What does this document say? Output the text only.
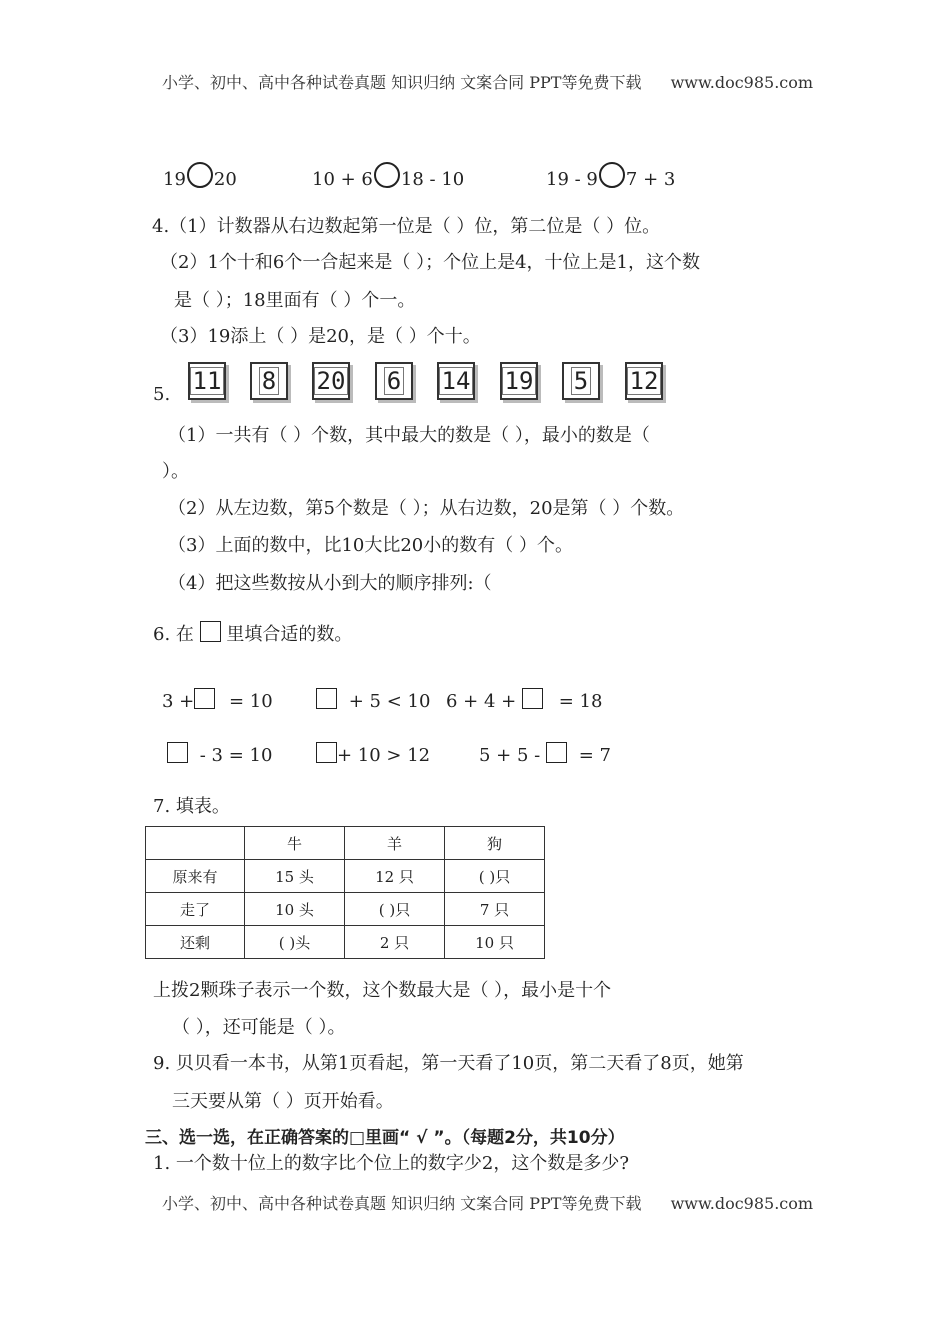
小学、初中、高中各种试卷真题 知识归纳 文案合同 PPT等免费下载 www.doc985.com
19 20	10 + 6 18 - 10	19 - 9 7 + 3
4.（1）计数器从右边数起第一位是（ ）位，第二位是（ ）位。
（2）1个十和6个一合起来是（ ）；个位上是4，十位上是1，这个数
是（ ）；18里面有（ ）个一。
（3）19添上（ ）是20，是（ ）个十。
5. 11 8 20 6 14 19 5 12
（1）一共有（ ）个数，其中最大的数是（ ），最小的数是（
）。
（2）从左边数，第5个数是（ ）；从右边数，20是第（ ）个数。
（3）上面的数中，比10大比20小的数有（ ）个。
（4）把这些数按从小到大的顺序排列:（
6. 在 里填合适的数。
3 + = 10	+ 5 < 10 6 + 4 + = 18
- 3 = 10	+ 10 > 12	5 + 5 - = 7
7. 填表。
	牛	羊	狗
原来有	15 头	12 只	( )只
走了	10 头	( )只	7 只
还剩	( )头	2 只	10 只
上拨2颗珠子表示一个数，这个数最大是（ ），最小是十个
（ ），还可能是（ ）。
9. 贝贝看一本书，从第1页看起，第一天看了10页，第二天看了8页，她第
三天要从第（ ）页开始看。
三、选一选，在正确答案的□里画“ √ ”。（每题2分，共10分）
1. 一个数十位上的数字比个位上的数字少2，这个数是多少?
小学、初中、高中各种试卷真题 知识归纳 文案合同 PPT等免费下载 www.doc985.com
